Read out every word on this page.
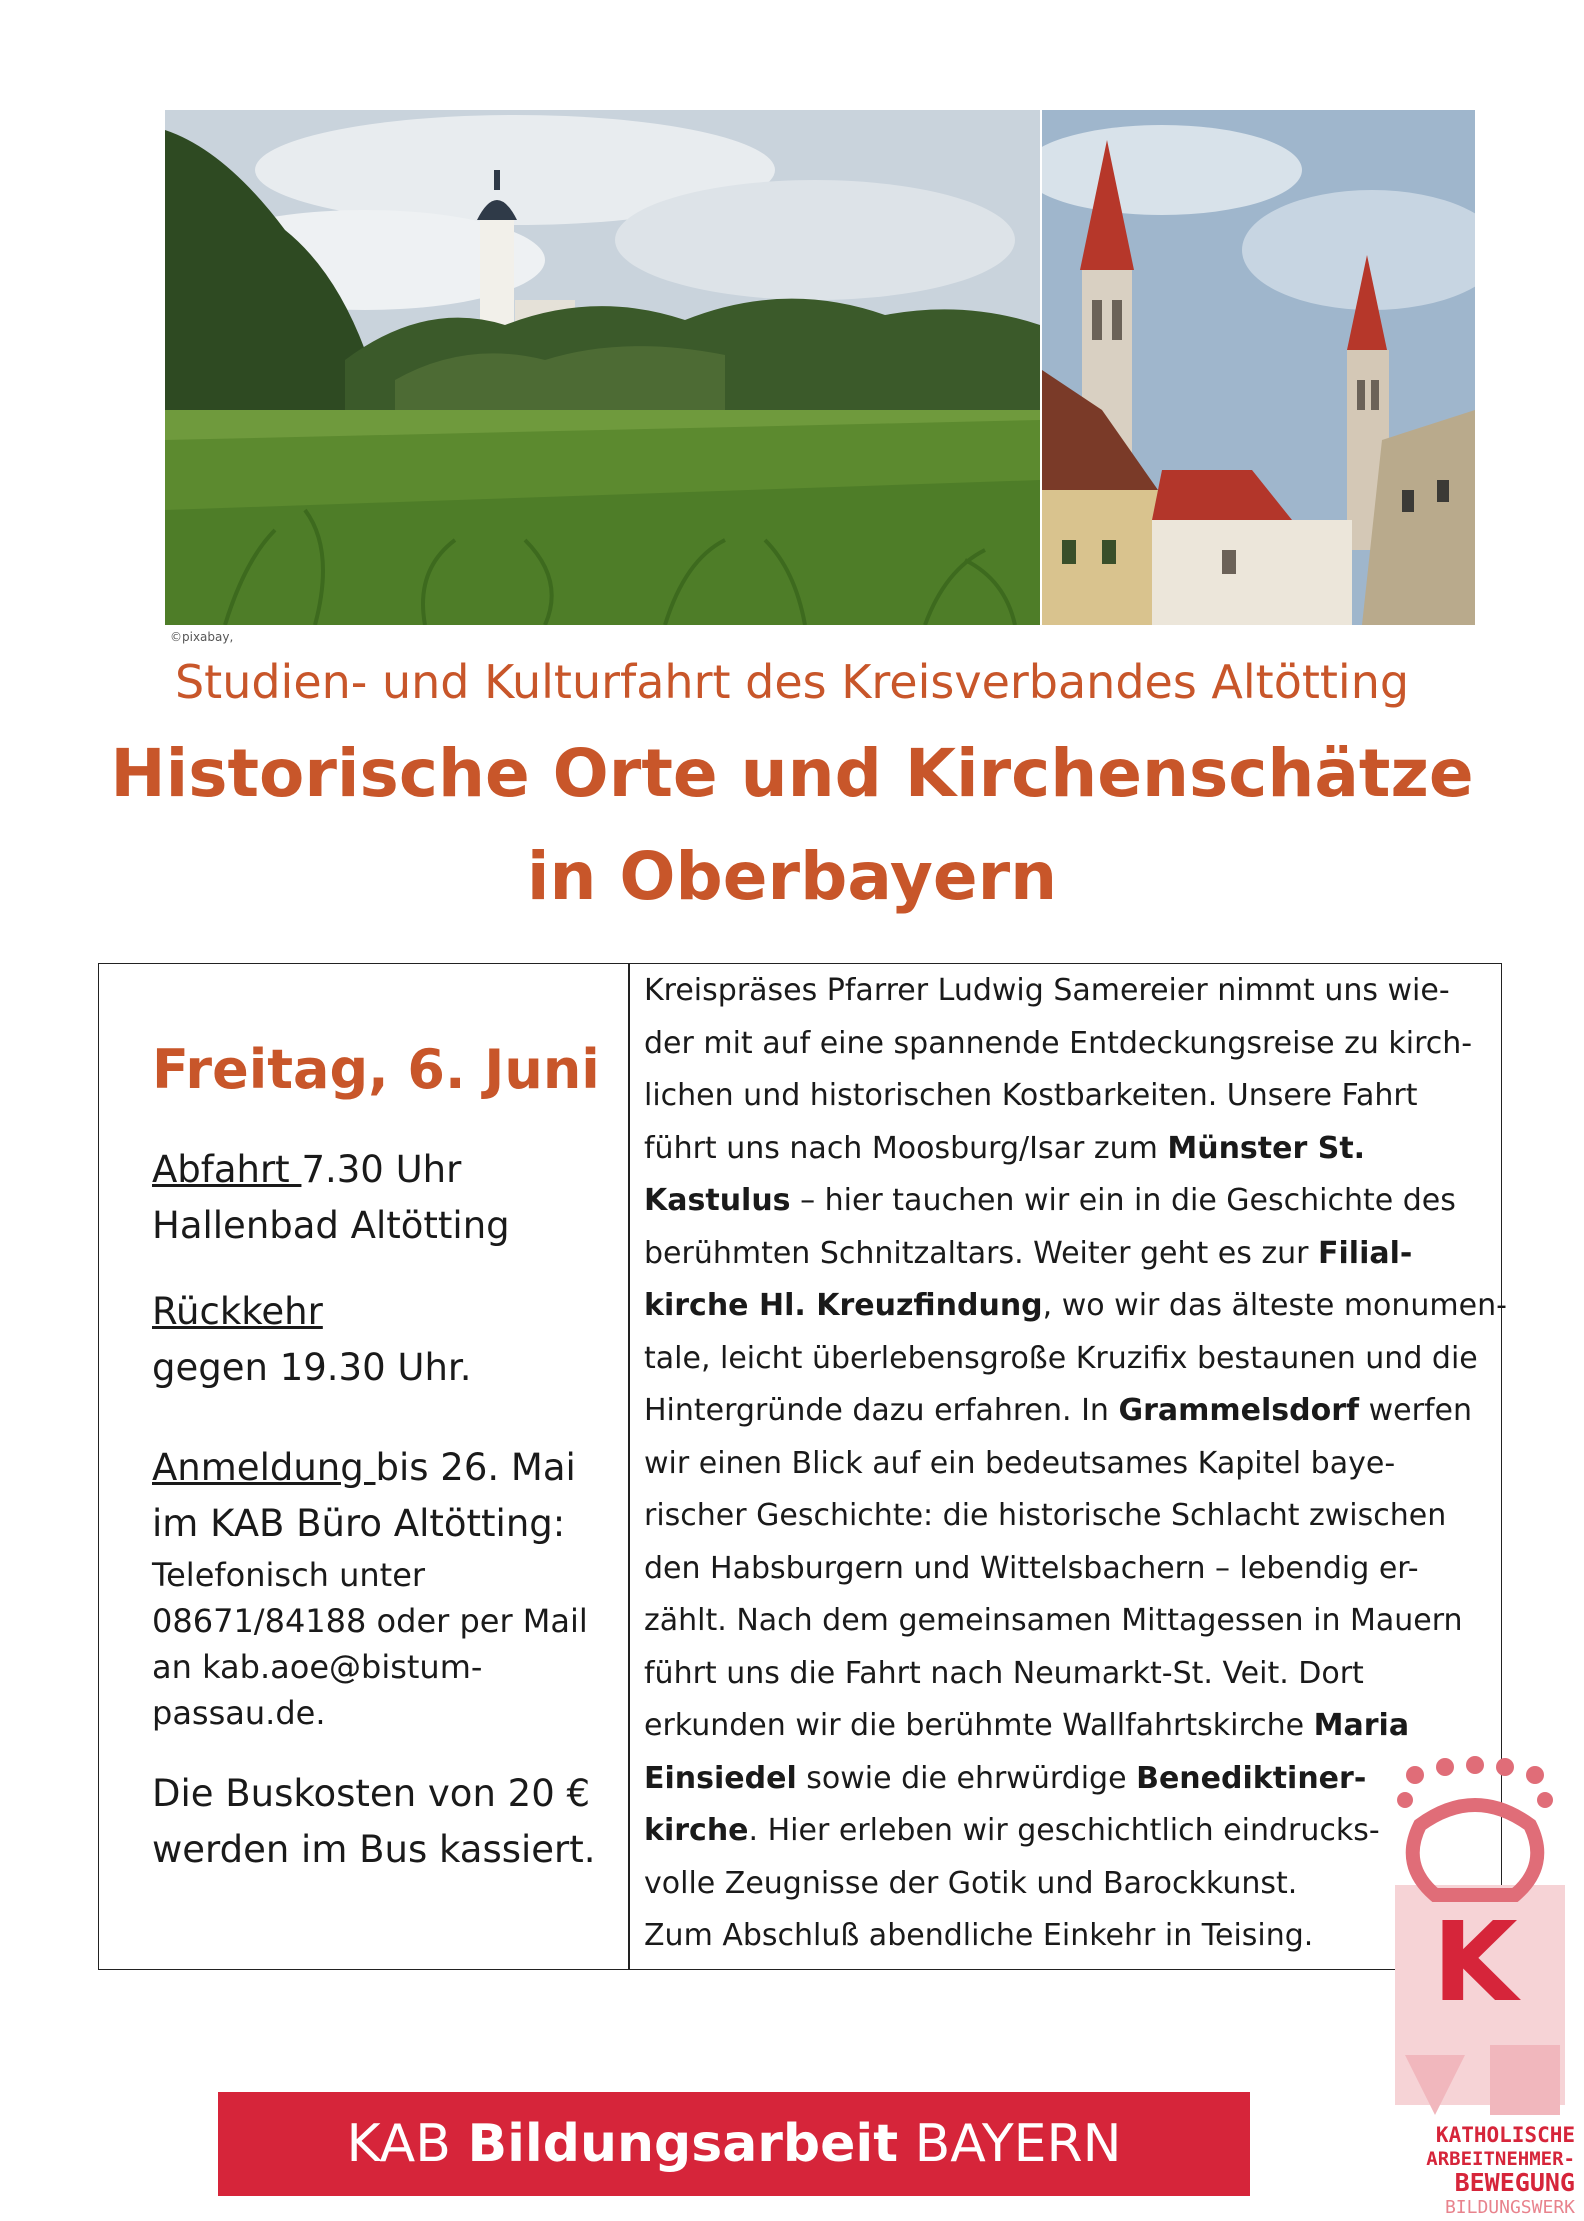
©pixabay,
Studien- und Kulturfahrt des Kreisverbandes Altötting
Historische Orte und Kirchenschätze
in Oberbayern
Freitag, 6. Juni
Abfahrt 7.30 Uhr
Hallenbad Altötting
Rückkehr
gegen 19.30 Uhr.
Anmeldung bis 26. Mai
im KAB Büro Altötting:
Telefonisch unter
08671/84188 oder per Mail
an kab.aoe@bistum-
passau.de.
Die Buskosten von 20 €
werden im Bus kassiert.
Kreispräses Pfarrer Ludwig Samereier nimmt uns wie-
der mit auf eine spannende Entdeckungsreise zu kirch-
lichen und historischen Kostbarkeiten. Unsere Fahrt
führt uns nach Moosburg/Isar zum Münster St.
Kastulus – hier tauchen wir ein in die Geschichte des
berühmten Schnitzaltars. Weiter geht es zur Filial-
kirche Hl. Kreuzfindung, wo wir das älteste monumen-
tale, leicht überlebensgroße Kruzifix bestaunen und die
Hintergründe dazu erfahren. In Grammelsdorf werfen
wir einen Blick auf ein bedeutsames Kapitel baye-
rischer Geschichte: die historische Schlacht zwischen
den Habsburgern und Wittelsbachern – lebendig er-
zählt. Nach dem gemeinsamen Mittagessen in Mauern
führt uns die Fahrt nach Neumarkt-St. Veit. Dort
erkunden wir die berühmte Wallfahrtskirche Maria
Einsiedel sowie die ehrwürdige Benediktiner-
kirche. Hier erleben wir geschichtlich eindrucks-
volle Zeugnisse der Gotik und Barockkunst.
Zum Abschluß abendliche Einkehr in Teising.
KAB Bildungsarbeit BAYERN
K
KATHOLISCHE
ARBEITNEHMER-
BEWEGUNG
BILDUNGSWERK
